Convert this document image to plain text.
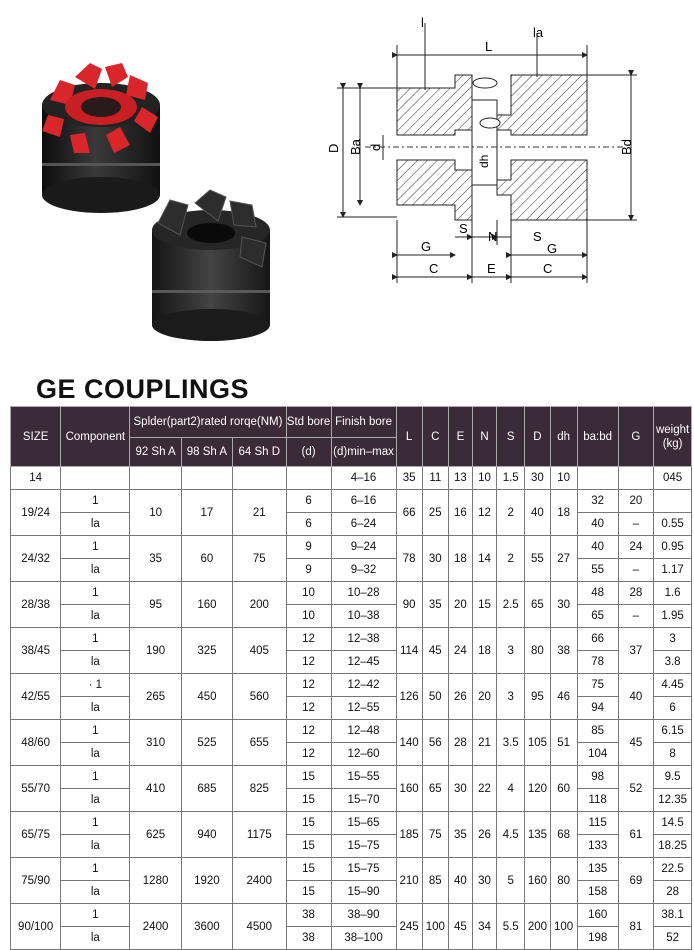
l
la
L
D Ba d
dh
Bd
G
S
N	S
G
C	E	C
GE COUPLINGS
SIZE	Component	Splder(part2)rated rorqe(NM)			Std bore	Finish bore	L	C	E	N	S	D	dh	ba:bd	G	weight (kg)
		92 Sh A	98 Sh A	64 Sh D	(d)	(d)min–max										
14						4–16	35	11	13	10	1.5	30	10			045
19/24	1	10	17	21	6	6–16	66	25	16	12	2	40	18	32	20	
	la				6	6–24								40	–	0.55
24/32	1	35	60	75	9	9–24	78	30	18	14	2	55	27	40	24	0.95
	la				9	9–32								55	–	1.17
28/38	1	95	160	200	10	10–28	90	35	20	15	2.5	65	30	48	28	1.6
	la				10	10–38								65	–	1.95
38/45	1	190	325	405	12	12–38	114	45	24	18	3	80	38	66	37	3
	la				12	12–45								78		3.8
42/55	· 1	265	450	560	12	12–42	126	50	26	20	3	95	46	75	40	4.45
	la				12	12–55								94		6
48/60	1	310	525	655	12	12–48	140	56	28	21	3.5	105	51	85	45	6.15
	la				12	12–60								104		8
55/70	1	410	685	825	15	15–55	160	65	30	22	4	120	60	98	52	9.5
	la				15	15–70								118		12.35
65/75	1	625	940	1175	15	15–65	185	75	35	26	4.5	135	68	115	61	14.5
	la				15	15–75								133		18.25
75/90	1	1280	1920	2400	15	15–75	210	85	40	30	5	160	80	135	69	22.5
	la				15	15–90								158		28
90/100	1	2400	3600	4500	38	38–90	245	100	45	34	5.5	200	100	160	81	38.1
	la				38	38–100								198		52
